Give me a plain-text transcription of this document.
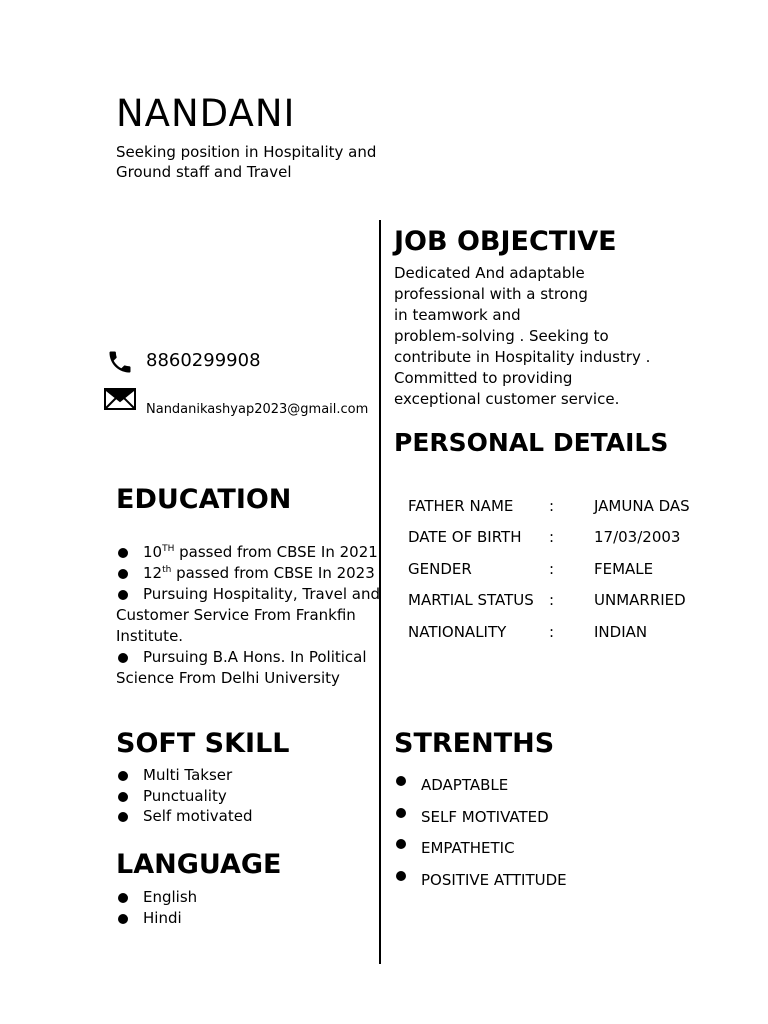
NANDANI
Seeking position in Hospitality and Ground staff and Travel
8860299908
Nandanikashyap2023@gmail.com
JOB OBJECTIVE
Dedicated And adaptable
professional with a strong
in teamwork and
problem-solving . Seeking to
contribute in Hospitality industry .
Committed to providing
exceptional customer service.
PERSONAL DETAILS
FATHER NAME	:	JAMUNA DAS
DATE OF BIRTH	:	17/03/2003
GENDER	:	FEMALE
MARTIAL STATUS	:	UNMARRIED
NATIONALITY	:	INDIAN
EDUCATION
10TH passed from CBSE In 2021
12th passed from CBSE In 2023
Pursuing Hospitality, Travel and Customer Service From Frankfin Institute.
Pursuing B.A Hons. In Political Science From Delhi University
SOFT SKILL
Multi Takser
Punctuality
Self motivated
LANGUAGE
English
Hindi
STRENTHS
ADAPTABLE
SELF MOTIVATED
EMPATHETIC
POSITIVE ATTITUDE
